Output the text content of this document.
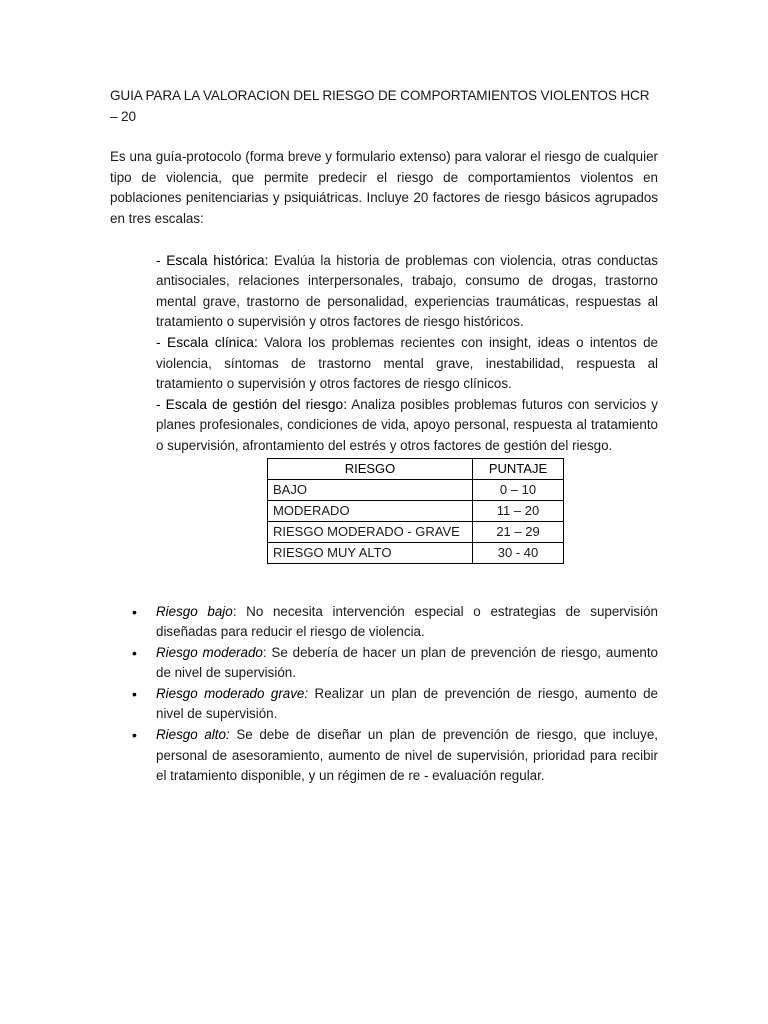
GUIA PARA LA VALORACION DEL RIESGO DE COMPORTAMIENTOS VIOLENTOS HCR – 20

Es una guía-protocolo (forma breve y formulario extenso) para valorar el riesgo de cualquier tipo de violencia, que permite predecir el riesgo de comportamientos violentos en poblaciones penitenciarias y psiquiátricas. Incluye 20 factores de riesgo básicos agrupados en tres escalas:

- Escala histórica: Evalúa la historia de problemas con violencia, otras conductas antisociales, relaciones interpersonales, trabajo, consumo de drogas, trastorno mental grave, trastorno de personalidad, experiencias traumáticas, respuestas al tratamiento o supervisión y otros factores de riesgo históricos.

- Escala clínica: Valora los problemas recientes con insight, ideas o intentos de violencia, síntomas de trastorno mental grave, inestabilidad, respuesta al tratamiento o supervisión y otros factores de riesgo clínicos.

- Escala de gestión del riesgo: Analiza posibles problemas futuros con servicios y planes profesionales, condiciones de vida, apoyo personal, respuesta al tratamiento o supervisión, afrontamiento del estrés y otros factores de gestión del riesgo.

RIESGO	PUNTAJE
BAJO	0 – 10
MODERADO	11 – 20
RIESGO MODERADO - GRAVE	21 – 29
RIESGO MUY ALTO	30 - 40
• Riesgo bajo: No necesita intervención especial o estrategias de supervisión diseñadas para reducir el riesgo de violencia.
• Riesgo moderado: Se debería de hacer un plan de prevención de riesgo, aumento de nivel de supervisión.
• Riesgo moderado grave: Realizar un plan de prevención de riesgo, aumento de nivel de supervisión.
• Riesgo alto: Se debe de diseñar un plan de prevención de riesgo, que incluye, personal de asesoramiento, aumento de nivel de supervisión, prioridad para recibir el tratamiento disponible, y un régimen de re - evaluación regular.
